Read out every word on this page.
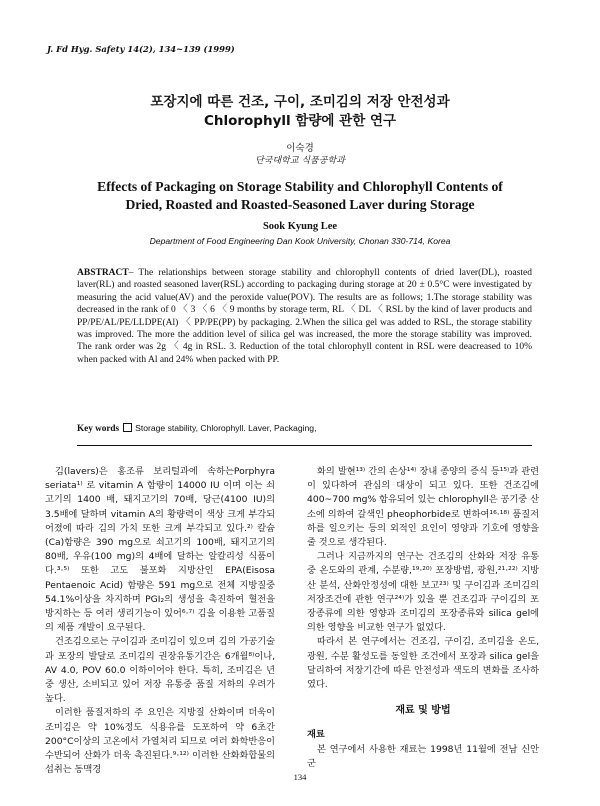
J. Fd Hyg. Safety 14(2), 134~139 (1999)
포장지에 따른 건조, 구이, 조미김의 저장 안전성과
Chlorophyll 함량에 관한 연구
이숙경
단국대학교 식품공학과
Effects of Packaging on Storage Stability and Chlorophyll Contents of
Dried, Roasted and Roasted-Seasoned Laver during Storage
Sook Kyung Lee
Department of Food Engineering Dan Kook University, Chonan 330-714, Korea
ABSTRACT– The relationships between storage stability and chlorophyll contents of dried laver(DL), roasted laver(RL) and roasted seasoned laver(RSL) according to packaging during storage at 20 ± 0.5°C were investigated by measuring the acid value(AV) and the peroxide value(POV). The results are as follows; 1.The storage stability was decreased in the rank of 0 〈 3 〈 6 〈 9 months by storage term, RL 〈 DL 〈 RSL by the kind of laver products and PP/PE/AL/PE/LLDPE(Al) 〈 PP/PE(PP) by packaging. 2.When the silica gel was added to RSL, the storage stability was improved. The more the addition level of silica gel was increased, the more the storage stability was improved. The rank order was 2g 〈 4g in RSL. 3. Reduction of the total chlorophyll content in RSL were deacreased to 10% when packed with Al and 24% when packed with PP.
Key words Storage stability, Chlorophyll. Laver, Packaging,

김(lavers)은 홍조류 보리털과에 속하는Porphyra seriata¹⁾ 로 vitamin A 함량이 14000 IU 이며 이는 쇠고기의 1400 배, 돼지고기의 70배, 당근(4100 IU)의 3.5배에 달하며 vitamin A의 황량력이 색상 크게 부각되어졌에 따라 김의 가치 또한 크게 부각되고 있다.²⁾ 칼슘(Ca)함량은 390 mg으로 쇠고기의 100배, 돼지고기의 80배, 우유(100 mg)의 4배에 달하는 알칼리성 식품이다.³·⁵⁾ 또한 고도 불포화 지방산인 EPA(Eisosa Pentaenoic Acid) 함량은 591 mg으로 전체 지방질중 54.1%이상을 차지하며 PGI₂의 생성을 촉진하여 혈전을 방지하는 등 여러 생리기능이 있어⁶·⁷⁾ 김을 이용한 고품질의 제품 개발이 요구된다.

건조김으로는 구이김과 조미김이 있으며 김의 가공기술과 포장의 발달로 조미김의 권장유통기간은 6개월⁸⁾이나, AV 4.0, POV 60.0 이하이어야 한다. 특히, 조미김은 년 중 생산, 소비되고 있어 저장 유통중 품질 저하의 우려가 높다.

이러한 품질저하의 주 요인은 지방질 산화이며 더욱이 조미김은 약 10%정도 식용유를 도포하여 약 6초간 200°C이상의 고온에서 가열처리 되므로 여러 화학반응이 수반되어 산화가 더욱 촉진된다.⁹·¹²⁾ 이러한 산화화합물의 섭취는 동맥경

화의 발현¹³⁾ 간의 손상¹⁴⁾ 장내 종양의 증식 등¹⁵⁾과 관련이 있다하여 관심의 대상이 되고 있다. 또한 건조김에 400~700 mg% 함유되어 있는 chlorophyll은 공기중 산소에 의하여 갈색인 pheophorbide로 변하여¹⁶·¹⁸⁾ 품질저하를 일으키는 등의 외적인 요인이 영양과 기호에 영향을 줄 것으로 생각된다.

그러나 지금까지의 연구는 건조김의 산화와 저장 유통 중 온도와의 관계, 수분량,¹⁹·²⁰⁾ 포장방법, 광원,²¹·²²⁾ 지방산 분석, 산화안정성에 대한 보고²³⁾ 및 구이김과 조미김의 저장조건에 관한 연구²⁴⁾가 있을 뿐 건조김과 구이김의 포장종류에 의한 영향과 조미김의 포장종류와 silica gel에 의한 영향을 비교한 연구가 없었다.

따라서 본 연구에서는 건조김, 구이김, 조미김을 온도, 광원, 수분 활성도를 동일한 조건에서 포장과 silica gel을 달리하여 저장기간에 따른 안전성과 색도의 변화를 조사하였다.

재료 및 방법

재료

본 연구에서 사용한 재료는 1998년 11월에 전남 신안군

134
